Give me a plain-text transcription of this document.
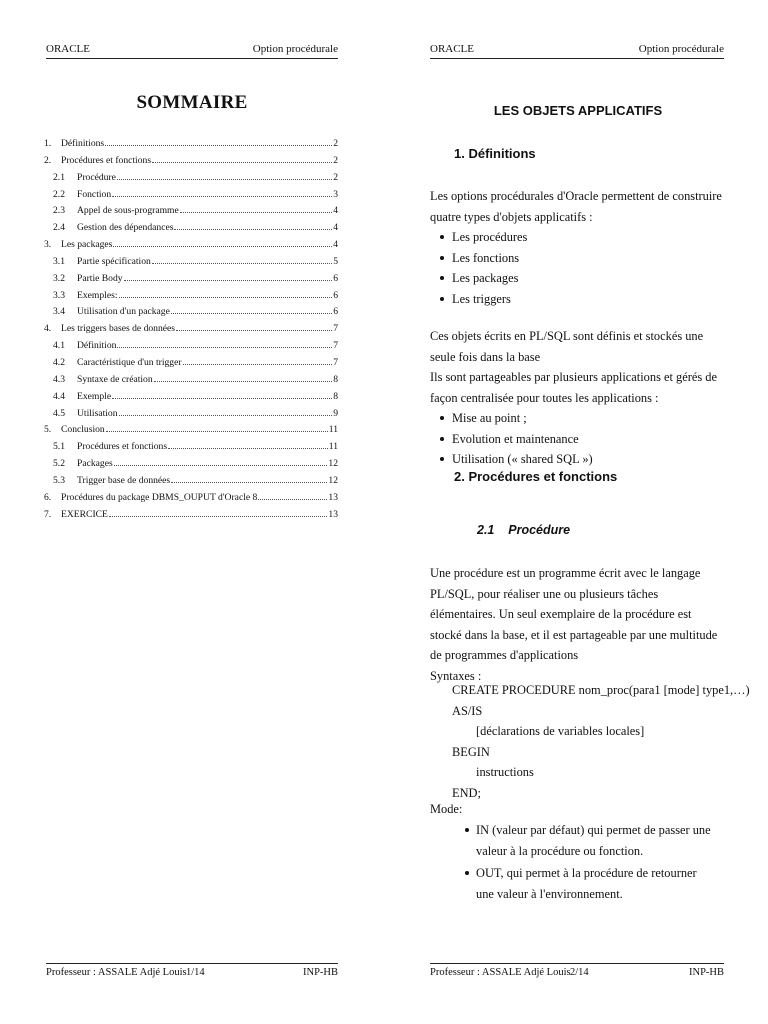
ORACLE	Option procédurale
SOMMAIRE
1.	Définitions	2
2.	Procédures et fonctions	2
2.1	Procédure	2
2.2	Fonction	3
2.3	Appel de sous-programme	4
2.4	Gestion des dépendances	4
3.	Les packages	4
3.1	Partie spécification	5
3.2	Partie Body	6
3.3	Exemples:	6
3.4	Utilisation d'un package	6
4.	Les triggers bases de données	7
4.1	Définition	7
4.2	Caractéristique d'un trigger	7
4.3	Syntaxe de création	8
4.4	Exemple	8
4.5	Utilisation	9
5.	Conclusion	11
5.1	Procédures et fonctions	11
5.2	Packages	12
5.3	Trigger base de données	12
6.	Procédures du package DBMS_OUPUT d'Oracle 8	13
7.	EXERCICE	13
Professeur : ASSALE Adjé Louis 1/14	INP-HB
ORACLE	Option procédurale
LES OBJETS APPLICATIFS
1. Définitions

Les options procédurales d'Oracle permettent de construire quatre types d'objets applicatifs :

Les procédures
Les fonctions
Les packages
Les triggers

Ces objets écrits en PL/SQL sont définis et stockés une seule fois dans la base

Ils sont partageables par plusieurs applications et gérés de façon centralisée pour toutes les applications :

Mise au point ;
Evolution et maintenance
Utilisation (« shared SQL »)
2. Procédures et fonctions
2.1    Procédure

Une procédure est un programme écrit avec le langage PL/SQL, pour réaliser une ou plusieurs tâches élémentaires. Un seul exemplaire de la procédure est stocké dans la base, et il est partageable par une multitude de programmes d'applications

Syntaxes :

CREATE PROCEDURE nom_proc(para1 [mode] type1,…) AS/IS
[déclarations de variables locales]
BEGIN
instructions
END;
Mode:
IN (valeur par défaut) qui permet de passer une valeur à la procédure ou fonction.
OUT, qui permet à la procédure de retourner une valeur à l'environnement.
Professeur : ASSALE Adjé Louis 2/14	INP-HB
